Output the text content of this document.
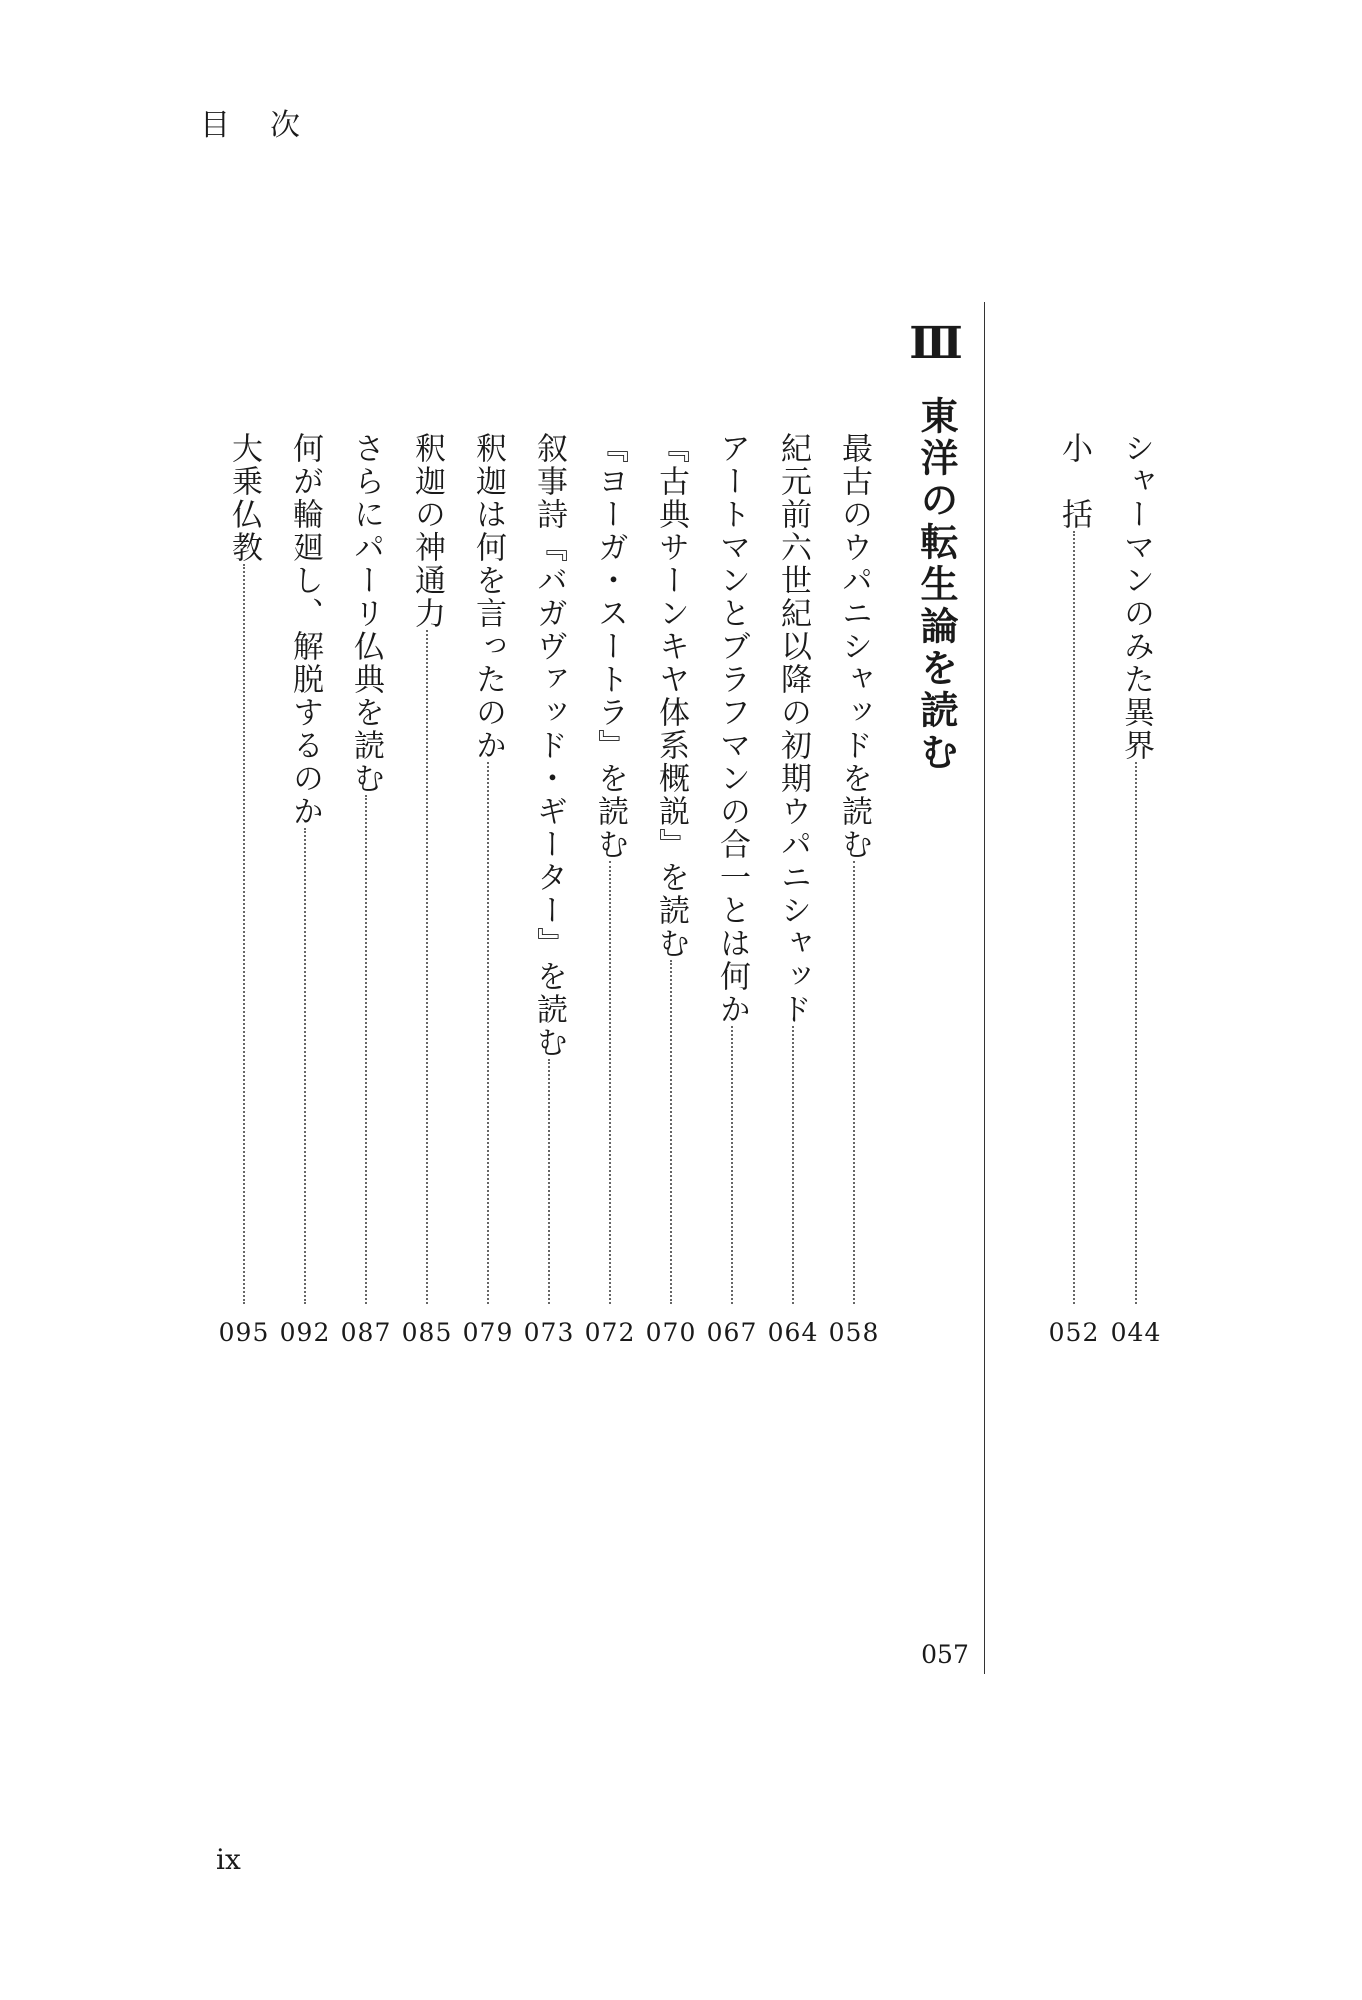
目次
シャーマンのみた異界
044
小　括
052
Ⅲ
東洋の転生論を読む
057
最古のウパニシャッドを読む
058
紀元前六世紀以降の初期ウパニシャッド
064
アートマンとブラフマンの合一とは何か
067
『古典サーンキヤ体系概説』を読む
070
『ヨーガ・スートラ』を読む
072
叙事詩『バガヴァッド・ギーター』を読む
073
釈迦は何を言ったのか
079
釈迦の神通力
085
さらにパーリ仏典を読む
087
何が輪廻し、解脱するのか
092
大乗仏教
095
ix
